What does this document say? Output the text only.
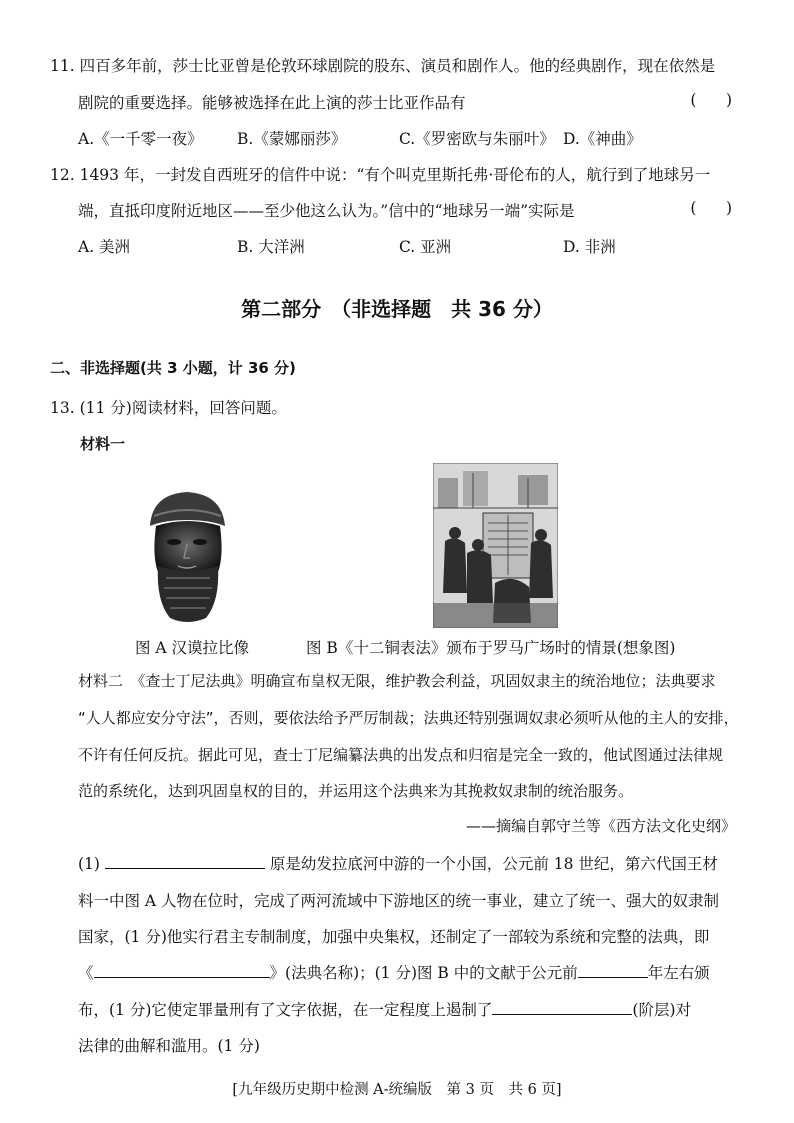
11. 四百多年前，莎士比亚曾是伦敦环球剧院的股东、演员和剧作人。他的经典剧作，现在依然是
剧院的重要选择。能够被选择在此上演的莎士比亚作品有	(      )
A.《一千零一夜》 B.《蒙娜丽莎》	C.《罗密欧与朱丽叶》 D.《神曲》
12. 1493 年，一封发自西班牙的信件中说：“有个叫克里斯托弗·哥伦布的人，航行到了地球另一
端，直抵印度附近地区——至少他这么认为。”信中的“地球另一端”实际是	(      )
A. 美洲	B. 大洋洲	C. 亚洲	D. 非洲
第二部分　（非选择题　共 36 分）
二、非选择题(共 3 小题，计 36 分)
13. (11 分)阅读材料，回答问题。
材料一
图 A 汉谟拉比像	图 B《十二铜表法》颁布于罗马广场时的情景(想象图)
材料二　《查士丁尼法典》明确宣布皇权无限，维护教会利益，巩固奴隶主的统治地位；法典要求
“人人都应安分守法”，否则，要依法给予严厉制裁；法典还特别强调奴隶必须听从他的主人的安排，
不许有任何反抗。据此可见，查士丁尼编纂法典的出发点和归宿是完全一致的，他试图通过法律规
范的系统化，达到巩固皇权的目的，并运用这个法典来为其挽救奴隶制的统治服务。
——摘编自郭守兰等《西方法文化史纲》
(1)	原是幼发拉底河中游的一个小国，公元前 18 世纪，第六代国王材
料一中图 A 人物在位时，完成了两河流域中下游地区的统一事业，建立了统一、强大的奴隶制
国家，(1 分)他实行君主专制制度，加强中央集权，还制定了一部较为系统和完整的法典，即
《	》(法典名称)；(1 分)图 B 中的文献于公元前	年左右颁
布，(1 分)它使定罪量刑有了文字依据，在一定程度上遏制了	(阶层)对
法律的曲解和滥用。(1 分)
[九年级历史期中检测 A-统编版　第 3 页　共 6 页]
